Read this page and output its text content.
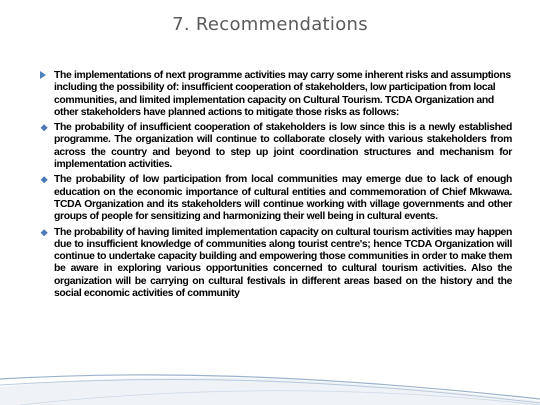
7. Recommendations
The implementations of next programme activities may carry some inherent risks and assumptions including the possibility of: insufficient cooperation of stakeholders, low participation from local communities, and limited implementation capacity on Cultural Tourism. TCDA Organization and other stakeholders have planned actions to mitigate those risks as follows:
❖ The probability of insufficient cooperation of stakeholders is low since this is a newly established programme. The organization will continue to collaborate closely with various stakeholders from across the country and beyond to step up joint coordination structures and mechanism for implementation activities.
❖ The probability of low participation from local communities may emerge due to lack of enough education on the economic importance of cultural entities and commemoration of Chief Mkwawa. TCDA Organization and its stakeholders will continue working with village governments and other groups of people for sensitizing and harmonizing their well being in cultural events.
❖ The probability of having limited implementation capacity on cultural tourism activities may happen due to insufficient knowledge of communities along tourist centre's; hence TCDA Organization will continue to undertake capacity building and empowering those communities in order to make them be aware in exploring various opportunities concerned to cultural tourism activities. Also the organization will be carrying on cultural festivals in different areas based on the history and the social economic activities of community
